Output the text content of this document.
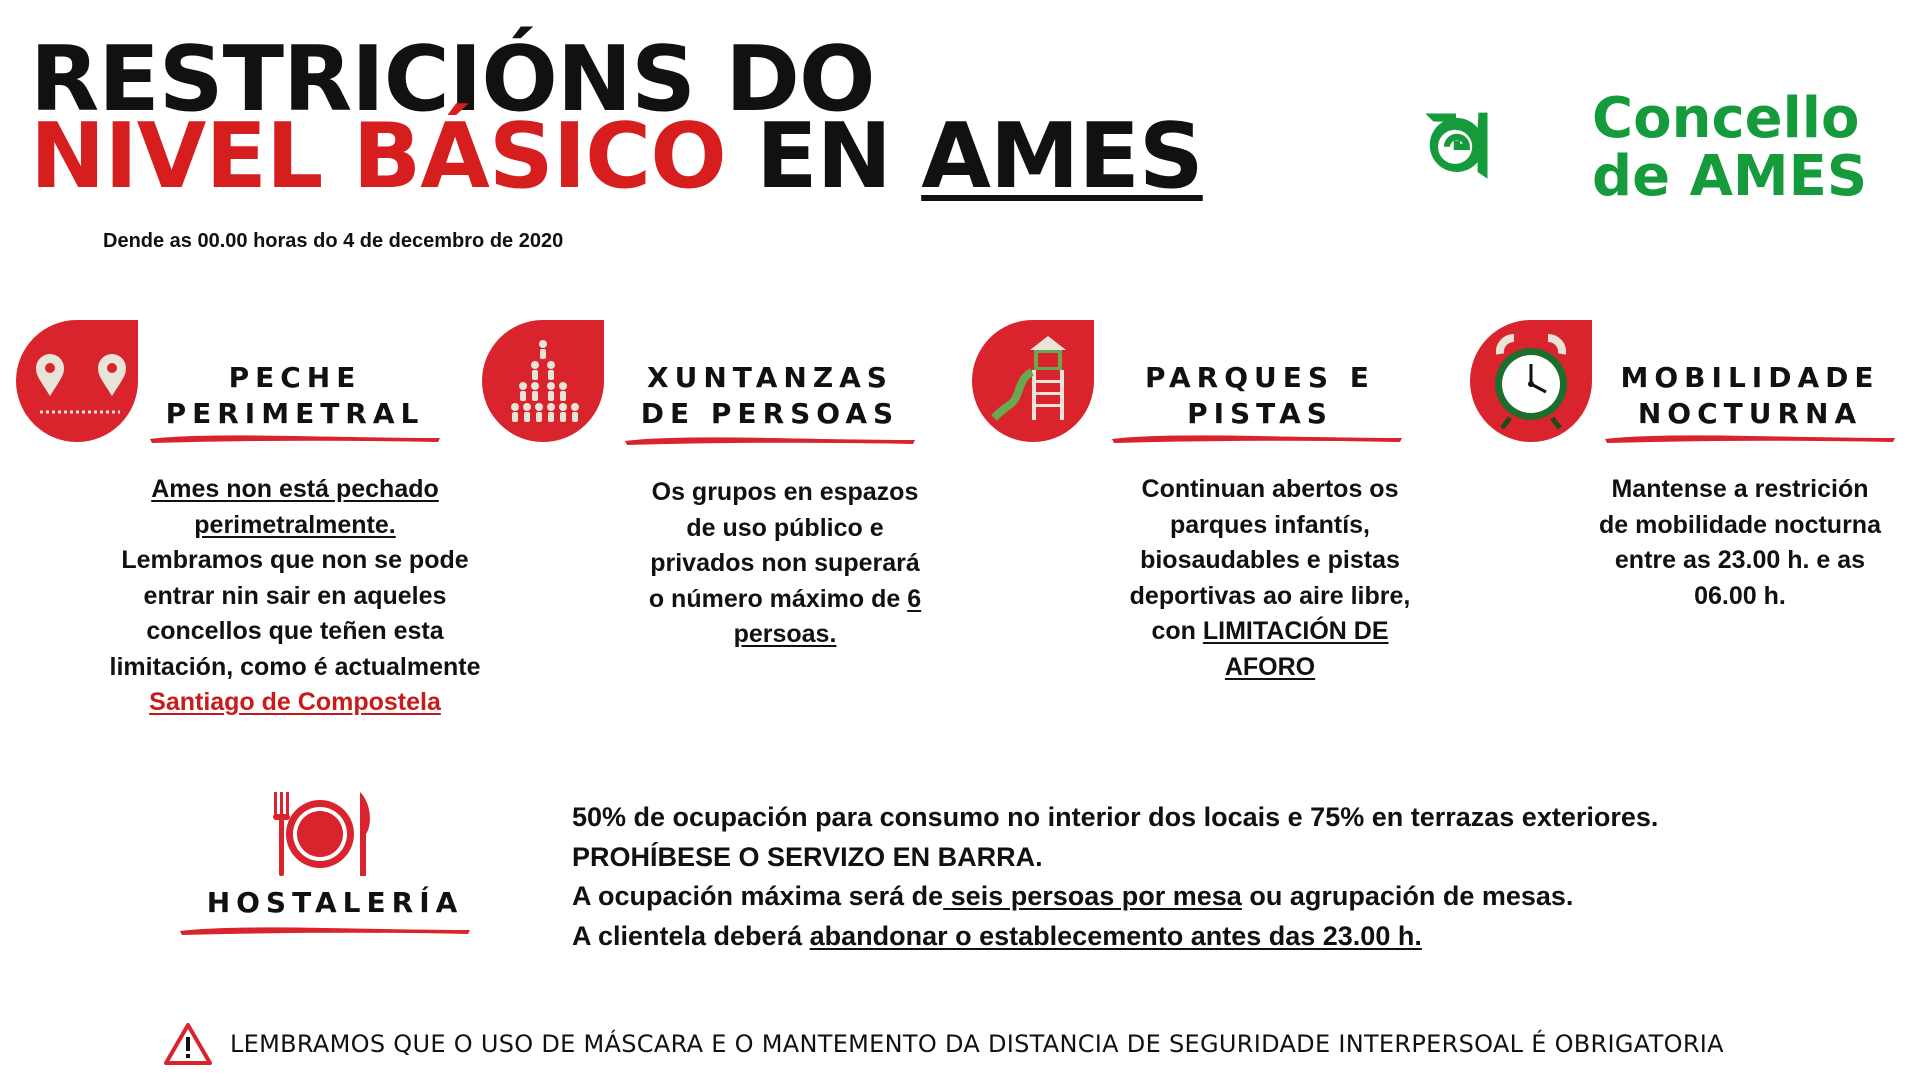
RESTRICIÓNS DO
NIVEL BÁSICO EN AMES
Dende as 00.00 horas do 4 de decembro de 2020
Concello
de AMES
PECHE
PERIMETRAL
Ames non está pechado
perimetralmente.
Lembramos que non se pode
entrar nin sair en aqueles
concellos que teñen esta
limitación, como é actualmente
Santiago de Compostela
XUNTANZAS
DE PERSOAS
Os grupos en espazos
de uso público e
privados non superará
o número máximo de 6
persoas.
PARQUES E
PISTAS
Continuan abertos os
parques infantís,
biosaudables e pistas
deportivas ao aire libre,
con LIMITACIÓN DE
AFORO
MOBILIDADE
NOCTURNA
Mantense a restrición
de mobilidade nocturna
entre as 23.00 h. e as
06.00 h.
HOSTALERÍA
50% de ocupación para consumo no interior dos locais e 75% en terrazas exteriores.
PROHÍBESE O SERVIZO EN BARRA.
A ocupación máxima será de seis persoas por mesa ou agrupación de mesas.
A clientela deberá abandonar o establecemento antes das 23.00 h.
LEMBRAMOS QUE O USO DE MÁSCARA E O MANTEMENTO DA DISTANCIA DE SEGURIDADE INTERPERSOAL É OBRIGATORIA
